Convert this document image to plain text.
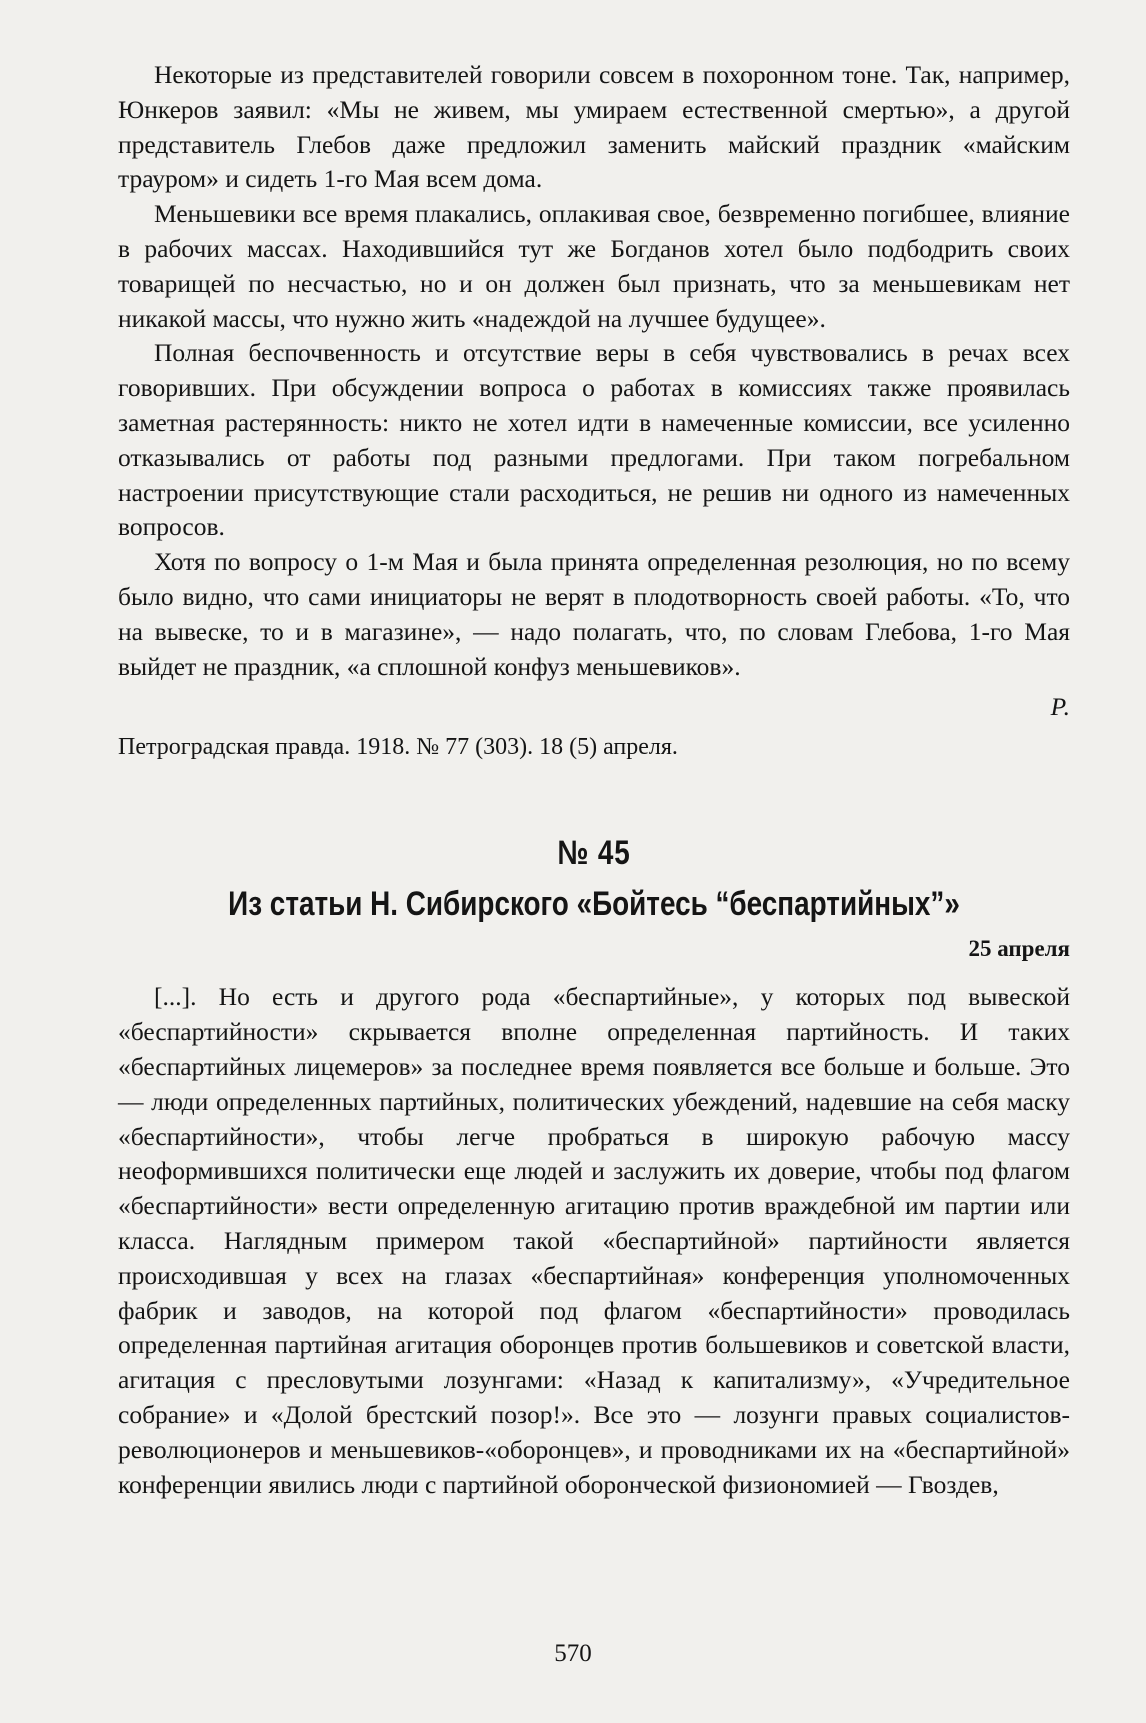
Некоторые из представителей говорили совсем в похоронном тоне. Так, например, Юнкеров заявил: «Мы не живем, мы умираем естественной смертью», а другой представитель Глебов даже предложил заменить майский праздник «майским трауром» и сидеть 1-го Мая всем дома.

Меньшевики все время плакались, оплакивая свое, безвременно погибшее, влияние в рабочих массах. Находившийся тут же Богданов хотел было подбодрить своих товарищей по несчастью, но и он должен был признать, что за меньшевикам нет никакой массы, что нужно жить «надеждой на лучшее будущее».

Полная беспочвенность и отсутствие веры в себя чувствовались в речах всех говоривших. При обсуждении вопроса о работах в комиссиях также проявилась заметная растерянность: никто не хотел идти в намеченные комиссии, все усиленно отказывались от работы под разными предлогами. При таком погребальном настроении присутствующие стали расходиться, не решив ни одного из намеченных вопросов.

Хотя по вопросу о 1-м Мая и была принята определенная резолюция, но по всему было видно, что сами инициаторы не верят в плодотворность своей работы. «То, что на вывеске, то и в магазине», — надо полагать, что, по словам Глебова, 1-го Мая выйдет не праздник, «а сплошной конфуз меньшевиков».

Р.
Петроградская правда. 1918. № 77 (303). 18 (5) апреля.
№ 45
Из статьи Н. Сибирского «Бойтесь “беспартийных”»
25 апреля

[...]. Но есть и другого рода «беспартийные», у которых под вывеской «беспартийности» скрывается вполне определенная партийность. И таких «беспартийных лицемеров» за последнее время появляется все больше и больше. Это — люди определенных партийных, политических убеждений, надевшие на себя маску «беспартийности», чтобы легче пробраться в широкую рабочую массу неоформившихся политически еще людей и заслужить их доверие, чтобы под флагом «беспартийности» вести определенную агитацию против враждебной им партии или класса. Наглядным примером такой «беспартийной» партийности является происходившая у всех на глазах «беспартийная» конференция уполномоченных фабрик и заводов, на которой под флагом «беспартийности» проводилась определенная партийная агитация оборонцев против большевиков и советской власти, агитация с пресловутыми лозунгами: «Назад к капитализму», «Учредительное собрание» и «Долой брестский позор!». Все это — лозунги правых социалистов-революционеров и меньшевиков-«оборонцев», и проводниками их на «беспартийной» конференции явились люди с партийной оборонческой физиономией — Гвоздев,

570
